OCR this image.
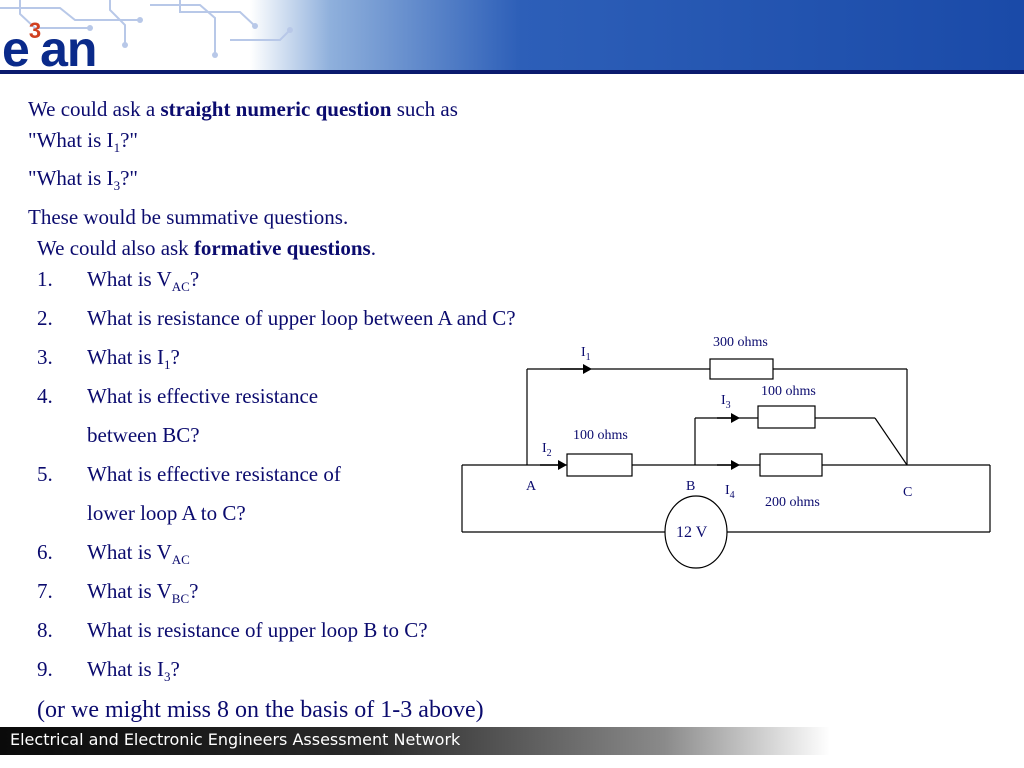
$e^3an$
We could ask a straight numeric question such as
"What is $I_1$?"
"What is $I_3$?"
These would be summative questions.
We could also ask formative questions.
1.	What is $V_{AC}$?
2.	What is resistance of upper loop between A and C?
3.	What is $I_1$?
4.	What is effective resistance
between BC?
5.	What is effective resistance of
lower loop A to C?
6.	What is $V_{AC}$
7.	What is $V_{BC}$?
8.	What is resistance of upper loop B to C?
9.	What is $I_3$?
(or we might miss 8 on the basis of 1-3 above)
300 ohms
100 ohms
100 ohms
200 ohms
12 V
$I_1$
$I_2$
$I_3$
$I_4$
A	B	C
Electrical and Electronic Engineers Assessment Network
